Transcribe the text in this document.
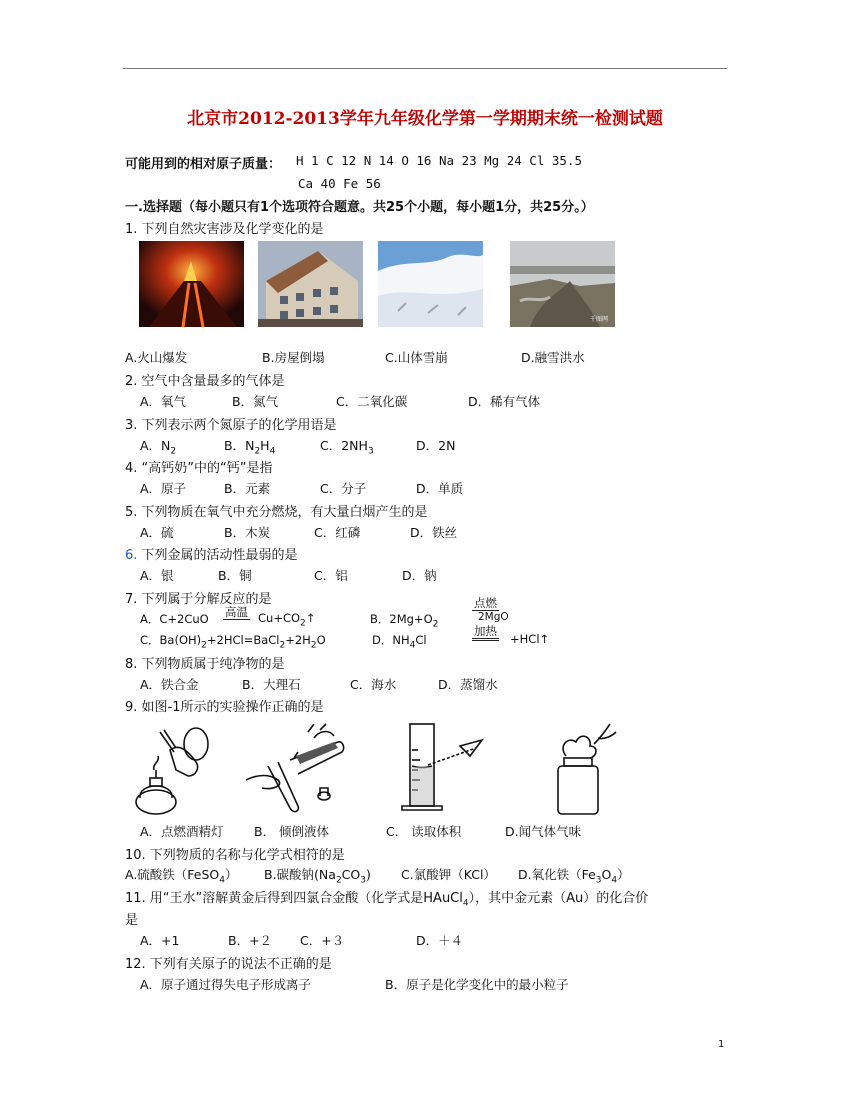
北京市2012-2013学年九年级化学第一学期期末统一检测试题
可能用到的相对原子质量： H 1 C 12 N 14 O 16 Na 23 Mg 24 Cl 35.5
Ca 40 Fe 56
一.选择题（每小题只有1个选项符合题意。共25个小题，每小题1分，共25分。）
1. 下列自然灾害涉及化学变化的是
千图网
A.火山爆发	B.房屋倒塌	C.山体雪崩	D.融雪洪水
2. 空气中含量最多的气体是
A．氧气	B．氮气	C．二氧化碳	D．稀有气体
3. 下列表示两个氮原子的化学用语是
A．$N_2$	B．$N_2H_4$	C．$2NH_3$	D．2N
4. “高钙奶”中的“钙”是指
A．原子	B．元素	C．分子	D．单质
5. 下列物质在氧气中充分燃烧，有大量白烟产生的是
A．硫	B．木炭	C．红磷	D．铁丝
6. 下列金属的活动性最弱的是
A．银	B．铜	C．铝	D．钠
7. 下列属于分解反应的是
A．C+2CuO 高温 $Cu+CO_2↑$	B．$2Mg+O_2$
点燃
2MgO
C．$Ba(OH)_2+2HCl=BaCl_2+2H_2O$	D．$NH_4Cl$
加热
+HCl↑
8. 下列物质属于纯净物的是
A．铁合金	B．大理石	C．海水	D．蒸馏水
9. 如图-1所示的实验操作正确的是
A．点燃酒精灯 B． 倾倒液体	C． 读取体积	D.闻气体气味
10. 下列物质的名称与化学式相符的是
A.硫酸铁（FeSO$_4$） B.碳酸钠$(Na_2CO_3)$ C.氯酸钾（KCl） D.氧化铁$(Fe_3O_4)$
11. 用“王水”溶解黄金后得到四氯合金酸（化学式是HAuCl$_4$），其中金元素（Au）的化合价
是
A．+1	B．+２ C．+３	D．＋４
12. 下列有关原子的说法不正确的是
A．原子通过得失电子形成离子	B．原子是化学变化中的最小粒子
1
